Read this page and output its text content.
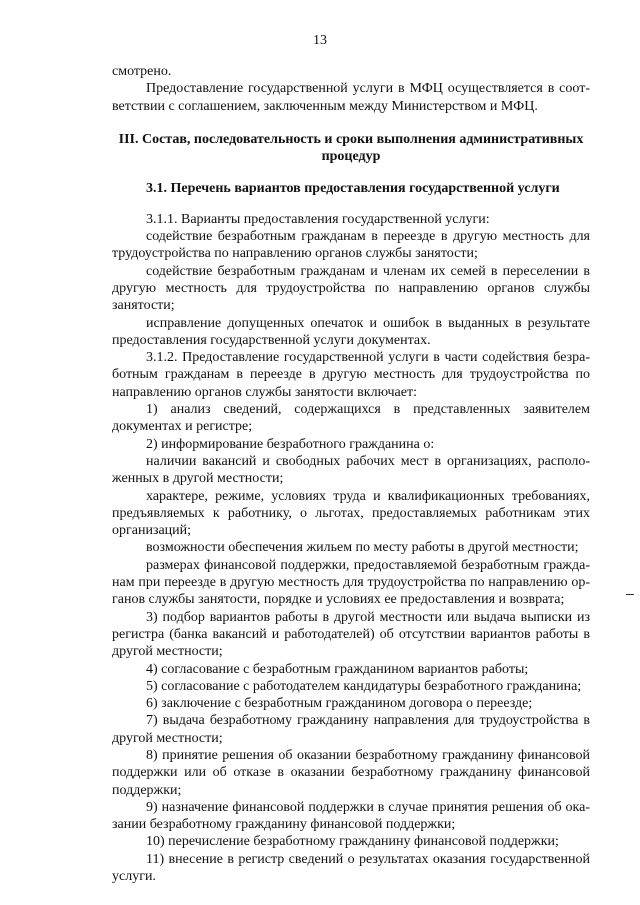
13

смотрено.

Предоставление государственной услуги в МФЦ осуществляется в соответствии с соглашением, заключенным между Министерством и МФЦ.

III. Состав, последовательность и сроки выполнения административных процедур

3.1. Перечень вариантов предоставления государственной услуги

3.1.1. Варианты предоставления государственной услуги:

содействие безработным гражданам в переезде в другую местность для трудоустройства по направлению органов службы занятости;

содействие безработным гражданам и членам их семей в переселении в другую местность для трудоустройства по направлению органов службы занятости;

исправление допущенных опечаток и ошибок в выданных в результате предоставления государственной услуги документах.

3.1.2. Предоставление государственной услуги в части содействия безработным гражданам в переезде в другую местность для трудоустройства по направлению органов службы занятости включает:

1) анализ сведений, содержащихся в представленных заявителем документах и регистре;

2) информирование безработного гражданина о:

наличии вакансий и свободных рабочих мест в организациях, расположенных в другой местности;

характере, режиме, условиях труда и квалификационных требованиях, предъявляемых к работнику, о льготах, предоставляемых работникам этих организаций;

возможности обеспечения жильем по месту работы в другой местности;

размерах финансовой поддержки, предоставляемой безработным гражданам при переезде в другую местность для трудоустройства по направлению органов службы занятости, порядке и условиях ее предоставления и возврата;

3) подбор вариантов работы в другой местности или выдача выписки из регистра (банка вакансий и работодателей) об отсутствии вариантов работы в другой местности;

4) согласование с безработным гражданином вариантов работы;

5) согласование с работодателем кандидатуры безработного гражданина;

6) заключение с безработным гражданином договора о переезде;

7) выдача безработному гражданину направления для трудоустройства в другой местности;

8) принятие решения об оказании безработному гражданину финансовой поддержки или об отказе в оказании безработному гражданину финансовой поддержки;

9) назначение финансовой поддержки в случае принятия решения об оказании безработному гражданину финансовой поддержки;

10) перечисление безработному гражданину финансовой поддержки;

11) внесение в регистр сведений о результатах оказания государственной услуги.
